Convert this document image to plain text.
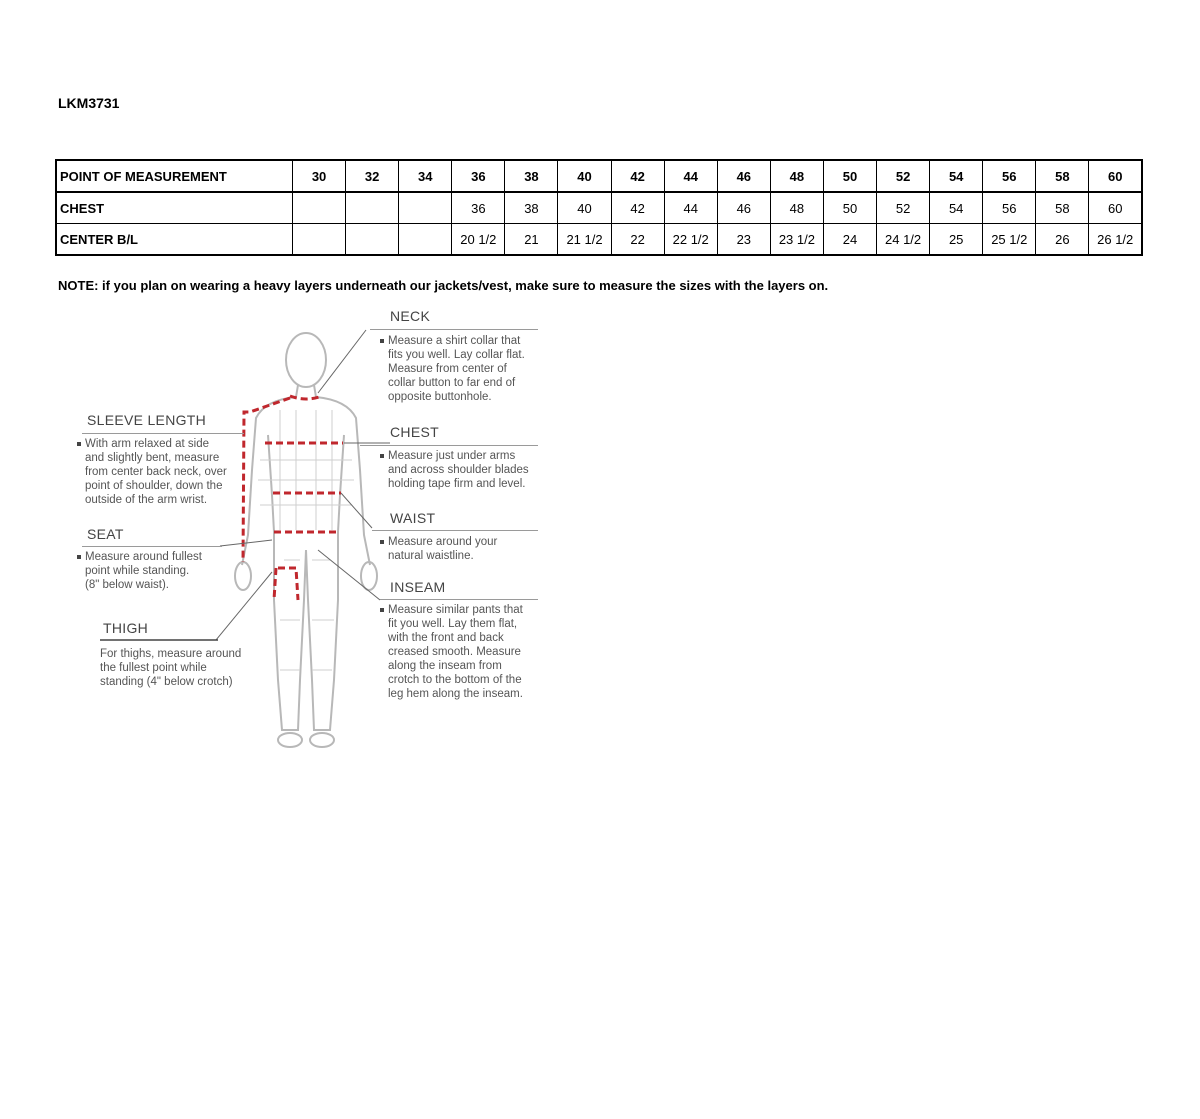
LKM3731
POINT OF MEASUREMENT	30	32	34	36	38	40	42	44	46	48	50	52	54	56	58	60
CHEST				36	38	40	42	44	46	48	50	52	54	56	58	60
CENTER B/L				20 1/2	21	21 1/2	22	22 1/2	23	23 1/2	24	24 1/2	25	25 1/2	26	26 1/2
NOTE: if you plan on wearing a heavy layers underneath our jackets/vest, make sure to measure the sizes with the layers on.
NECK
Measure a shirt collar that
fits you well. Lay collar flat.
Measure from center of
collar button to far end of
opposite buttonhole.
CHEST
Measure just under arms
and across shoulder blades
holding tape firm and level.
WAIST
Measure around your
natural waistline.
INSEAM
Measure similar pants that
fit you well. Lay them flat,
with the front and back
creased smooth. Measure
along the inseam from
crotch to the bottom of the
leg hem along the inseam.
SLEEVE LENGTH
With arm relaxed at side
and slightly bent, measure
from center back neck, over
point of shoulder, down the
outside of the arm wrist.
SEAT
Measure around fullest
point while standing.
(8" below waist).
THIGH
For thighs, measure around
the fullest point while
standing (4" below crotch)
